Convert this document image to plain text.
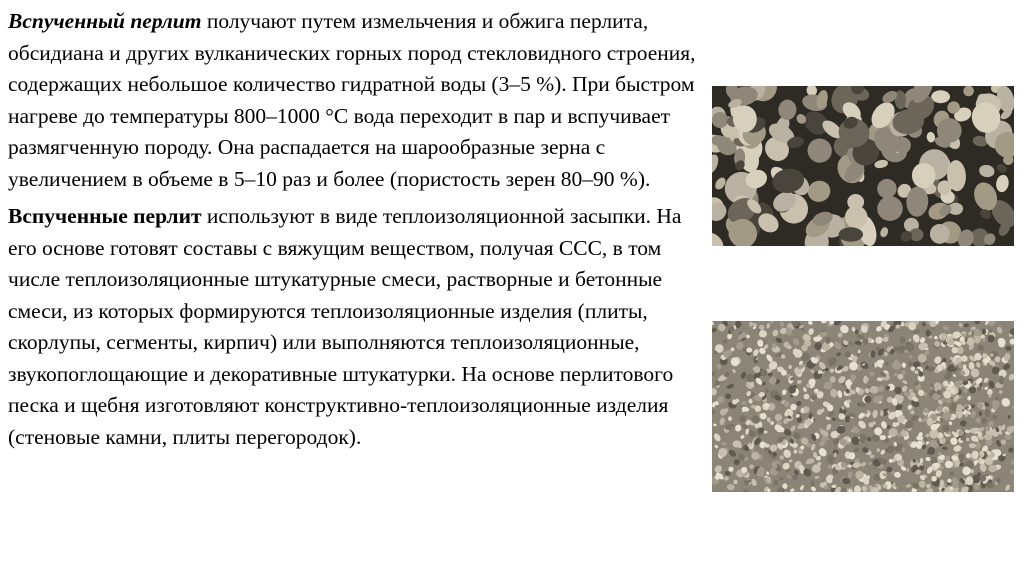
Вспученный перлит получают путем измельчения и обжига перлита, обсидиана и других вулканических горных пород стекловидного строения, содержащих небольшое количество гидратной воды (3–5 %). При быстром нагреве до температуры 800–1000 °С вода переходит в пар и вспучивает размягченную породу. Она распадается на шарообразные зерна с увеличением в объеме в 5–10 раз и более (пористость зерен 80–90 %).

Вспученные перлит используют в виде теплоизоляционной засыпки. На его основе готовят составы с вяжущим веществом, получая ССС, в том числе теплоизоляционные штукатурные смеси, растворные и бетонные смеси, из которых формируются теплоизоляционные изделия (плиты, скорлупы, сегменты, кирпич) или выполняются теплоизоляционные, звукопоглощающие и декоративные штукатурки. На основе перлитового песка и щебня изготовляют конструктивно-теплоизоляционные изделия (стеновые камни, плиты перегородок).
